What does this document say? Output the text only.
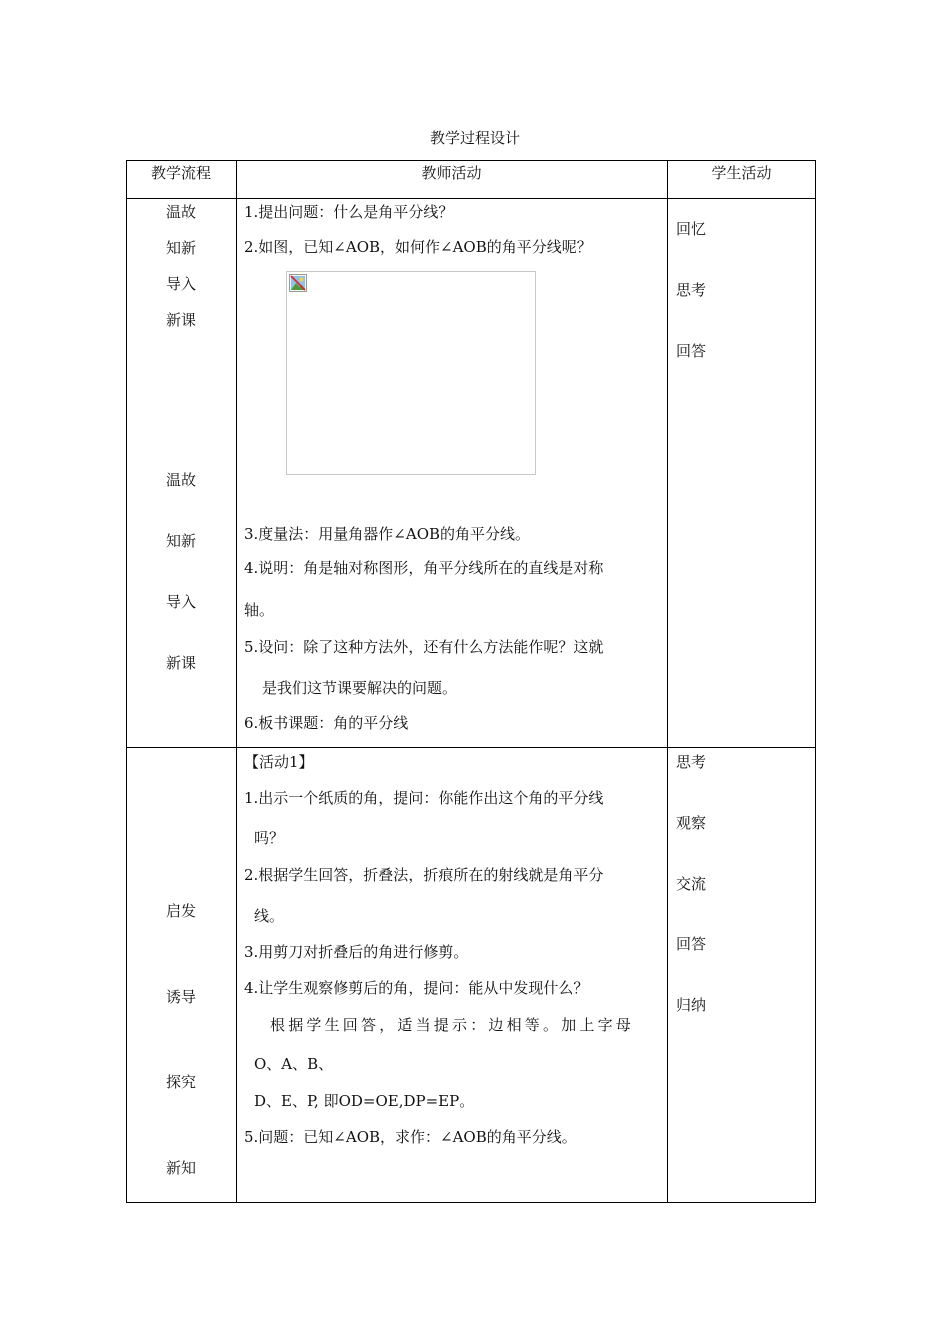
教学过程设计
教学流程	教师活动	学生活动
温故
知新
导入
新课
温故
知新
导入
新课
1.提出问题：什么是角平分线？
2.如图，已知∠AOB，如何作∠AOB的角平分线呢？
3.度量法：用量角器作∠AOB的角平分线。
4.说明：角是轴对称图形，角平分线所在的直线是对称
轴。
5.设问：除了这种方法外，还有什么方法能作呢？这就
是我们这节课要解决的问题。
6.板书课题：角的平分线
回忆
思考
回答
启发
诱导
探究
新知
【活动1】
1.出示一个纸质的角，提问：你能作出这个角的平分线
吗？
2.根据学生回答，折叠法，折痕所在的射线就是角平分
线。
3.用剪刀对折叠后的角进行修剪。
4.让学生观察修剪后的角，提问：能从中发现什么？
根据学生回答，适当提示：边相等。加上字母
O、A、B、
D、E、P, 即OD=OE,DP=EP。
5.问题：已知∠AOB，求作：∠AOB的角平分线。
思考
观察
交流
回答
归纳
